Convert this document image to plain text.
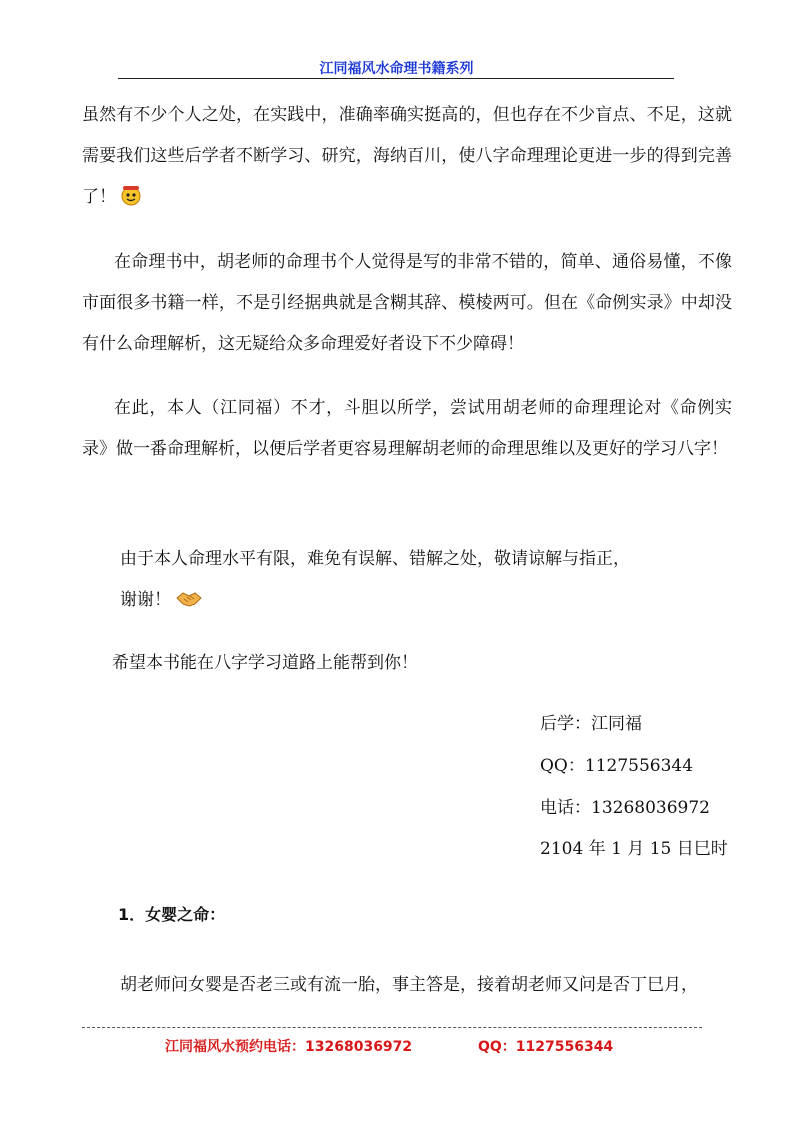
江同福风水命理书籍系列

虽然有不少个人之处，在实践中，准确率确实挺高的，但也存在不少盲点、不足，这就需要我们这些后学者不断学习、研究，海纳百川，使八字命理理论更进一步的得到完善了！

在命理书中，胡老师的命理书个人觉得是写的非常不错的，简单、通俗易懂，不像市面很多书籍一样，不是引经据典就是含糊其辞、模棱两可。但在《命例实录》中却没有什么命理解析，这无疑给众多命理爱好者设下不少障碍！

在此，本人（江同福）不才，斗胆以所学，尝试用胡老师的命理理论对《命例实录》做一番命理解析，以便后学者更容易理解胡老师的命理思维以及更好的学习八字！

由于本人命理水平有限，难免有误解、错解之处，敬请谅解与指正，
谢谢！
希望本书能在八字学习道路上能帮到你！
后学：江同福
QQ：1127556344
电话：13268036972
2104 年 1 月 15 日巳时
1．女婴之命：
胡老师问女婴是否老三或有流一胎，事主答是，接着胡老师又问是否丁巳月，
江同福风水预约电话：13268036972	QQ：1127556344
